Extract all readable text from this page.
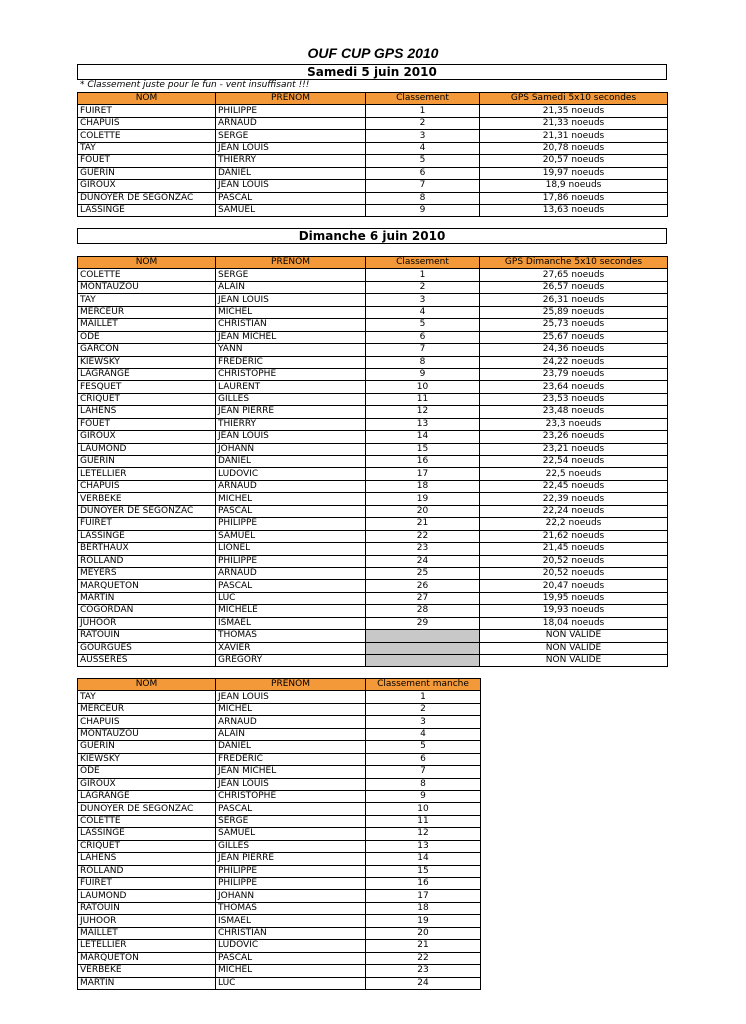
OUF CUP GPS 2010
Samedi 5 juin 2010
* Classement juste pour le fun - vent insuffisant !!!
NOM	PRENOM	Classement	GPS Samedi 5x10 secondes
FUIRET	PHILIPPE	1	21,35 noeuds
CHAPUIS	ARNAUD	2	21,33 noeuds
COLETTE	SERGE	3	21,31 noeuds
TAY	JEAN LOUIS	4	20,78 noeuds
FOUET	THIERRY	5	20,57 noeuds
GUERIN	DANIEL	6	19,97 noeuds
GIROUX	JEAN LOUIS	7	18,9 noeuds
DUNOYER DE SEGONZAC	PASCAL	8	17,86 noeuds
LASSINGE	SAMUEL	9	13,63 noeuds
Dimanche 6 juin 2010
NOM	PRENOM	Classement	GPS Dimanche 5x10 secondes
COLETTE	SERGE	1	27,65 noeuds
MONTAUZOU	ALAIN	2	26,57 noeuds
TAY	JEAN LOUIS	3	26,31 noeuds
MERCEUR	MICHEL	4	25,89 noeuds
MAILLET	CHRISTIAN	5	25,73 noeuds
ODE	JEAN MICHEL	6	25,67 noeuds
GARCON	YANN	7	24,36 noeuds
KIEWSKY	FREDERIC	8	24,22 noeuds
LAGRANGE	CHRISTOPHE	9	23,79 noeuds
FESQUET	LAURENT	10	23,64 noeuds
CRIQUET	GILLES	11	23,53 noeuds
LAHENS	JEAN PIERRE	12	23,48 noeuds
FOUET	THIERRY	13	23,3 noeuds
GIROUX	JEAN LOUIS	14	23,26 noeuds
LAUMOND	JOHANN	15	23,21 noeuds
GUERIN	DANIEL	16	22,54 noeuds
LETELLIER	LUDOVIC	17	22,5 noeuds
CHAPUIS	ARNAUD	18	22,45 noeuds
VERBEKE	MICHEL	19	22,39 noeuds
DUNOYER DE SEGONZAC	PASCAL	20	22,24 noeuds
FUIRET	PHILIPPE	21	22,2 noeuds
LASSINGE	SAMUEL	22	21,62 noeuds
BERTHAUX	LIONEL	23	21,45 noeuds
ROLLAND	PHILIPPE	24	20,52 noeuds
MEYERS	ARNAUD	25	20,52 noeuds
MARQUETON	PASCAL	26	20,47 noeuds
MARTIN	LUC	27	19,95 noeuds
COGORDAN	MICHELE	28	19,93 noeuds
JUHOOR	ISMAEL	29	18,04 noeuds
RATOUIN	THOMAS		NON VALIDE
GOURGUES	XAVIER		NON VALIDE
AUSSERES	GREGORY		NON VALIDE
NOM	PRENOM	Classement manche
TAY	JEAN LOUIS	1
MERCEUR	MICHEL	2
CHAPUIS	ARNAUD	3
MONTAUZOU	ALAIN	4
GUERIN	DANIEL	5
KIEWSKY	FREDERIC	6
ODE	JEAN MICHEL	7
GIROUX	JEAN LOUIS	8
LAGRANGE	CHRISTOPHE	9
DUNOYER DE SEGONZAC	PASCAL	10
COLETTE	SERGE	11
LASSINGE	SAMUEL	12
CRIQUET	GILLES	13
LAHENS	JEAN PIERRE	14
ROLLAND	PHILIPPE	15
FUIRET	PHILIPPE	16
LAUMOND	JOHANN	17
RATOUIN	THOMAS	18
JUHOOR	ISMAEL	19
MAILLET	CHRISTIAN	20
LETELLIER	LUDOVIC	21
MARQUETON	PASCAL	22
VERBEKE	MICHEL	23
MARTIN	LUC	24
